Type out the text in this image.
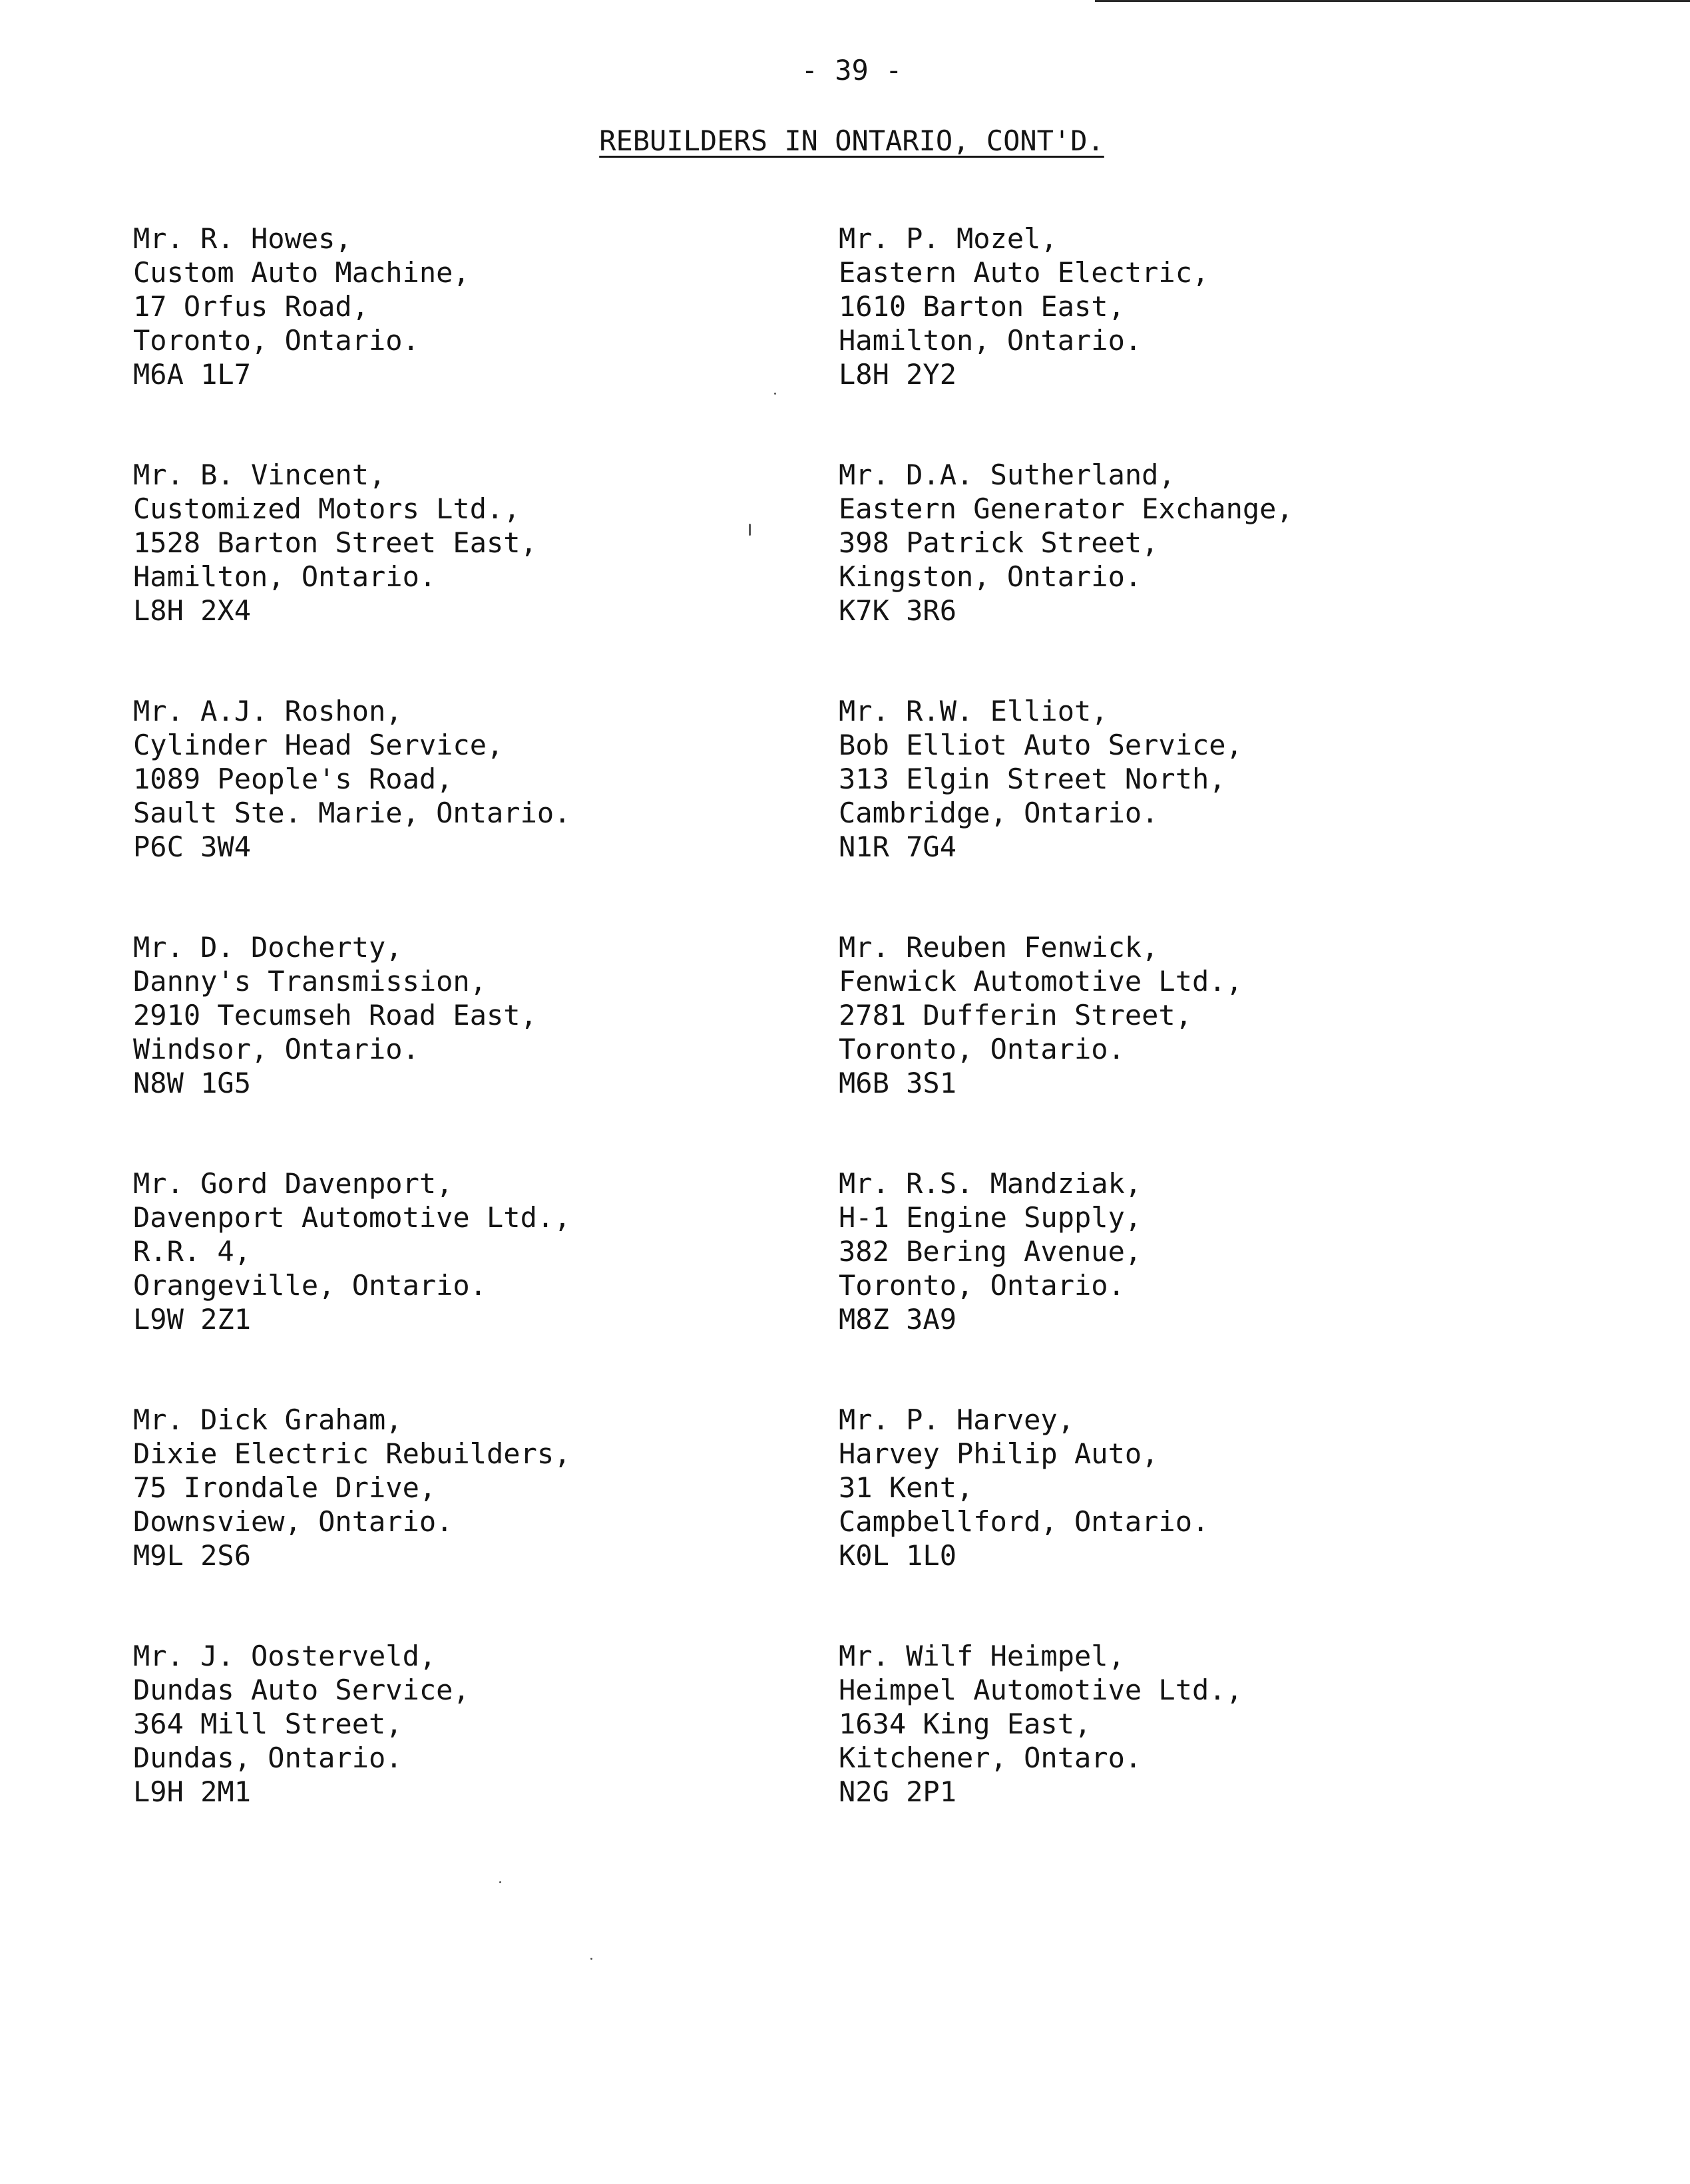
- 39 -
REBUILDERS IN ONTARIO, CONT'D.
Mr. R. Howes,
Custom Auto Machine,
17 Orfus Road,
Toronto, Ontario.
M6A 1L7
Mr. B. Vincent,
Customized Motors Ltd.,
1528 Barton Street East,
Hamilton, Ontario.
L8H 2X4
Mr. A.J. Roshon,
Cylinder Head Service,
1089 People's Road,
Sault Ste. Marie, Ontario.
P6C 3W4
Mr. D. Docherty,
Danny's Transmission,
2910 Tecumseh Road East,
Windsor, Ontario.
N8W 1G5
Mr. Gord Davenport,
Davenport Automotive Ltd.,
R.R. 4,
Orangeville, Ontario.
L9W 2Z1
Mr. Dick Graham,
Dixie Electric Rebuilders,
75 Irondale Drive,
Downsview, Ontario.
M9L 2S6
Mr. J. Oosterveld,
Dundas Auto Service,
364 Mill Street,
Dundas, Ontario.
L9H 2M1
Mr. P. Mozel,
Eastern Auto Electric,
1610 Barton East,
Hamilton, Ontario.
L8H 2Y2
Mr. D.A. Sutherland,
Eastern Generator Exchange,
398 Patrick Street,
Kingston, Ontario.
K7K 3R6
Mr. R.W. Elliot,
Bob Elliot Auto Service,
313 Elgin Street North,
Cambridge, Ontario.
N1R 7G4
Mr. Reuben Fenwick,
Fenwick Automotive Ltd.,
2781 Dufferin Street,
Toronto, Ontario.
M6B 3S1
Mr. R.S. Mandziak,
H-1 Engine Supply,
382 Bering Avenue,
Toronto, Ontario.
M8Z 3A9
Mr. P. Harvey,
Harvey Philip Auto,
31 Kent,
Campbellford, Ontario.
K0L 1L0
Mr. Wilf Heimpel,
Heimpel Automotive Ltd.,
1634 King East,
Kitchener, Ontaro.
N2G 2P1
